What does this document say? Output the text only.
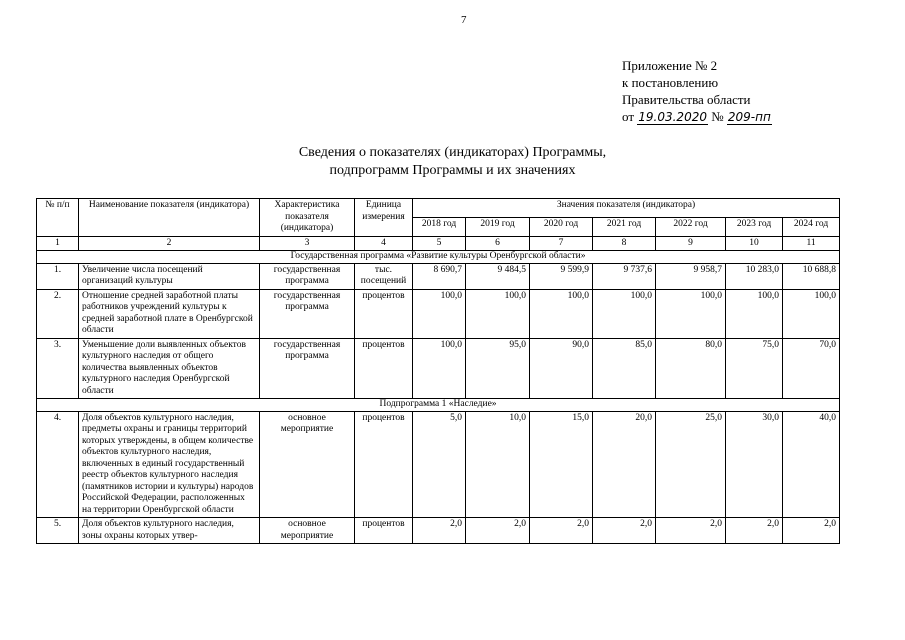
7
Приложение № 2
к постановлению
Правительства области
от 19.03.2020 № 209-пп
Сведения о показателях (индикаторах) Программы,
подпрограмм Программы и их значениях
№ п/п	Наименование показателя (индикатора)	Характеристика показателя (индикатора)	Единица измерения	Значения показателя (индикатора)						
				2018 год	2019 год	2020 год	2021 год	2022 год	2023 год	2024 год
1	2	3	4	5	6	7	8	9	10	11
Государственная программа «Развитие культуры Оренбургской области»										
1.	Увеличение числа посещений организаций культуры	государственная программа	тыс. посещений	8 690,7	9 484,5	9 599,9	9 737,6	9 958,7	10 283,0	10 688,8
2.	Отношение средней заработной платы работников учреждений культуры к средней заработной плате в Оренбургской области	государственная программа	процентов	100,0	100,0	100,0	100,0	100,0	100,0	100,0
3.	Уменьшение доли выявленных объектов культурного наследия от общего количества выявленных объектов культурного наследия Оренбургской области	государственная программа	процентов	100,0	95,0	90,0	85,0	80,0	75,0	70,0
Подпрограмма 1 «Наследие»										
4.	Доля объектов культурного наследия, предметы охраны и границы территорий которых утверждены, в общем количестве объектов культурного наследия, включенных в единый государственный реестр объектов культурного наследия (памятников истории и культуры) народов Российской Федерации, расположенных на территории Оренбургской области	основное мероприятие	процентов	5,0	10,0	15,0	20,0	25,0	30,0	40,0
5.	Доля объектов культурного наследия, зоны охраны которых утвер-	основное мероприятие	процентов	2,0	2,0	2,0	2,0	2,0	2,0	2,0
